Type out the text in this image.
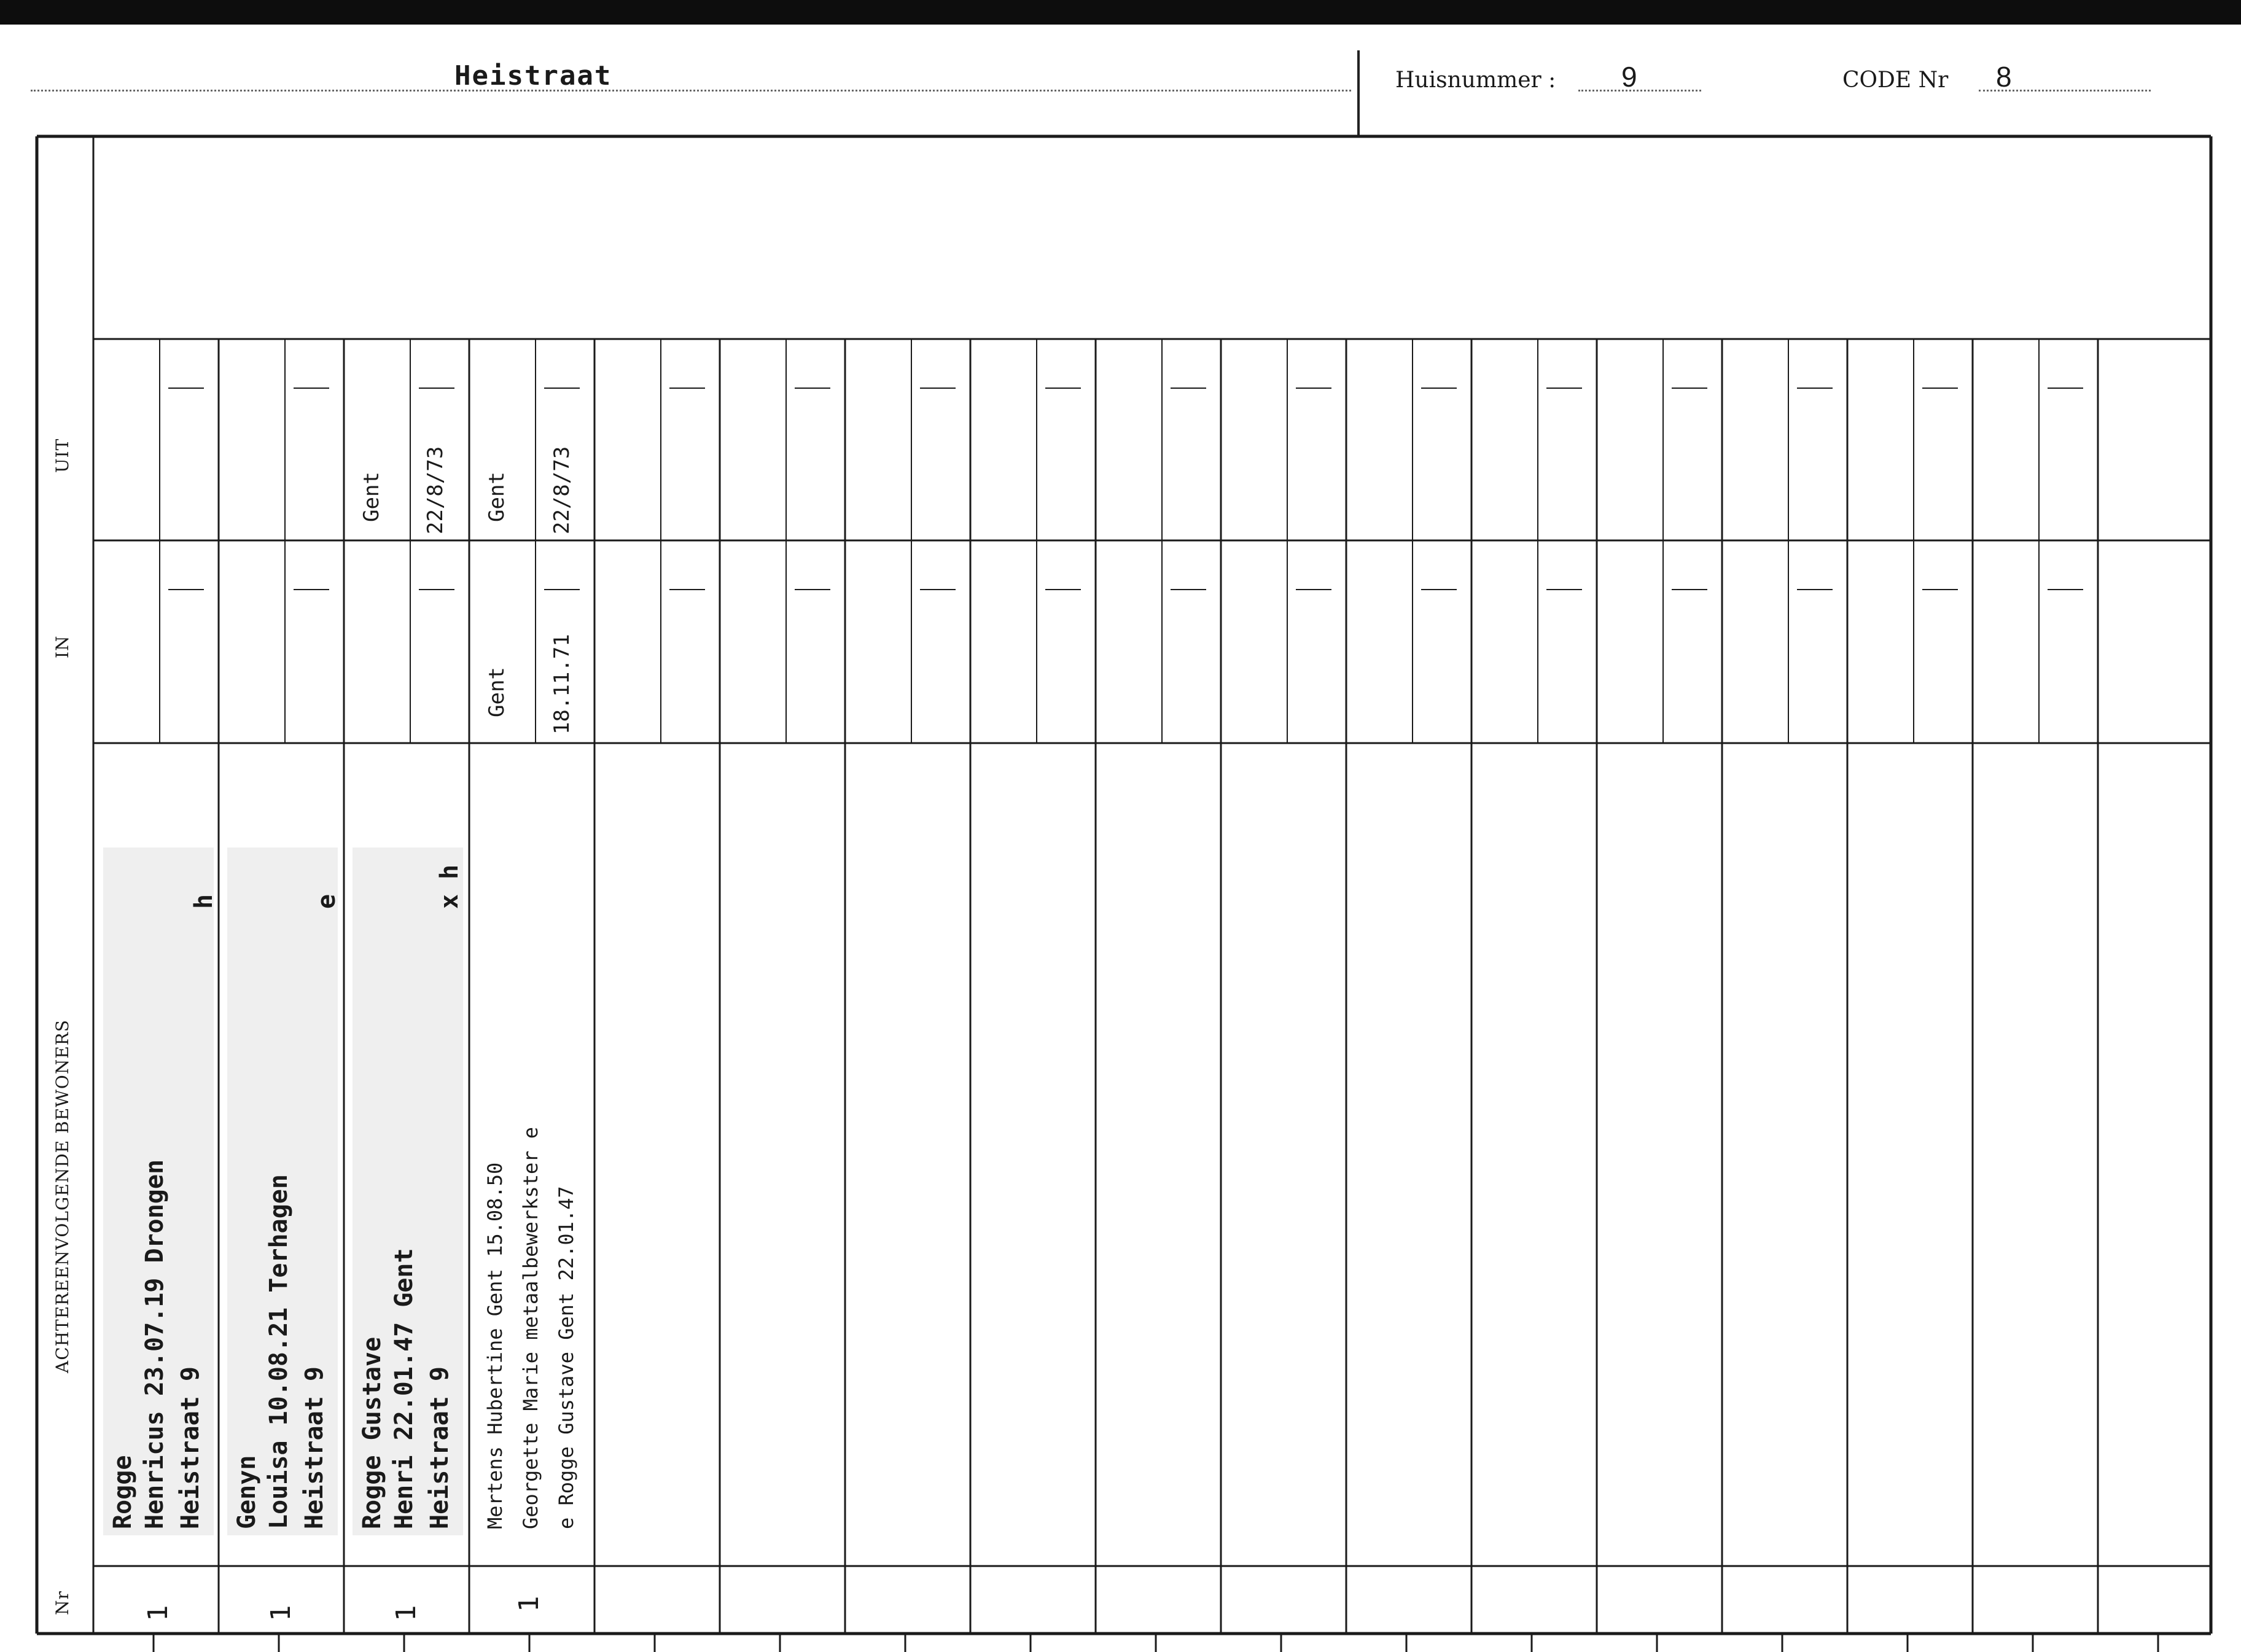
Heistraat	Huisnummer : 9	CODE Nr 8
UIT
IN
ACHTEREENVOLGENDE BEWONERS
Nr
Rogge Henricus 23.07.19 Drongen Heistraat 9
h
1
Genyn Louisa 10.08.21 Terhagen Heistraat 9
e
1
Gent 22/8/73
Rogge Gustave Henri 22.01.47 Gent Heistraat 9
x h
1
Gent 22/8/73
Gent 18.11.71
Mertens Hubertine Gent 15.08.50 Georgette Marie metaalbewerkster e e Rogge Gustave Gent 22.01.47
1
